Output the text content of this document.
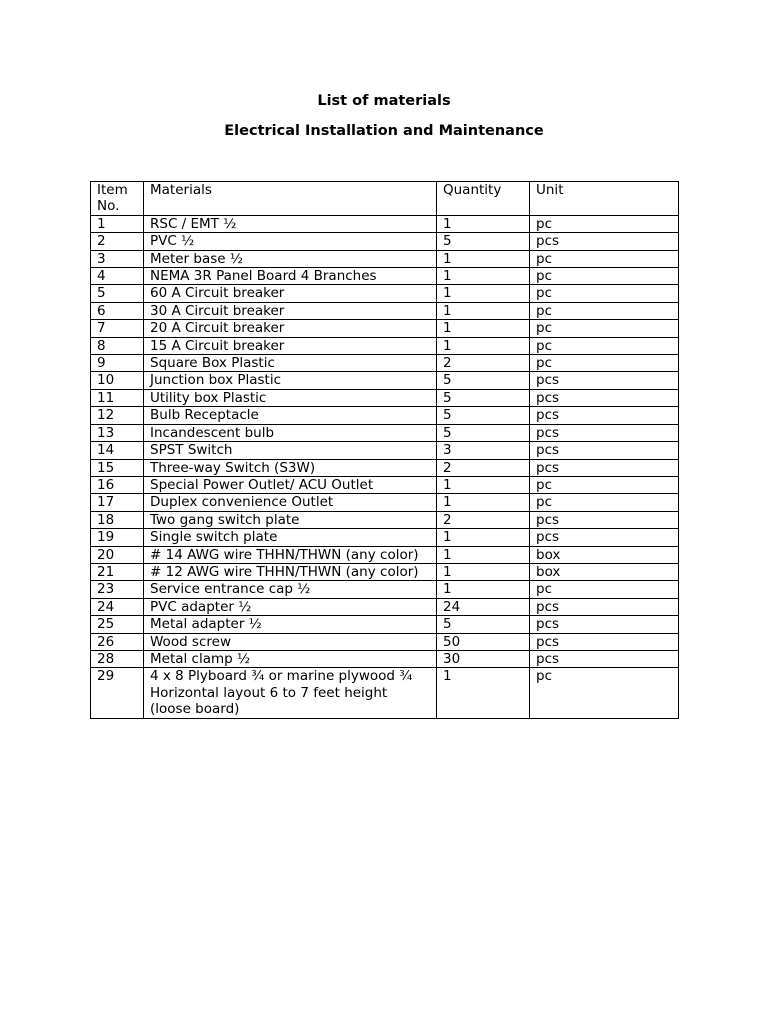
List of materials
Electrical Installation and Maintenance
Item
No.	Materials	Quantity	Unit
1	RSC / EMT ½	1	pc
2	PVC ½	5	pcs
3	Meter base ½	1	pc
4	NEMA 3R Panel Board 4 Branches	1	pc
5	60 A Circuit breaker	1	pc
6	30 A Circuit breaker	1	pc
7	20 A Circuit breaker	1	pc
8	15 A Circuit breaker	1	pc
9	Square Box Plastic	2	pc
10	Junction box Plastic	5	pcs
11	Utility box Plastic	5	pcs
12	Bulb Receptacle	5	pcs
13	Incandescent bulb	5	pcs
14	SPST Switch	3	pcs
15	Three-way Switch (S3W)	2	pcs
16	Special Power Outlet/ ACU Outlet	1	pc
17	Duplex convenience Outlet	1	pc
18	Two gang switch plate	2	pcs
19	Single switch plate	1	pcs
20	# 14 AWG wire THHN/THWN (any color)	1	box
21	# 12 AWG wire THHN/THWN (any color)	1	box
23	Service entrance cap ½	1	pc
24	PVC adapter ½	24	pcs
25	Metal adapter ½	5	pcs
26	Wood screw	50	pcs
28	Metal clamp ½	30	pcs
29	4 x 8 Plyboard ¾ or marine plywood ¾
Horizontal layout 6 to 7 feet height
(loose board)	1	pc
